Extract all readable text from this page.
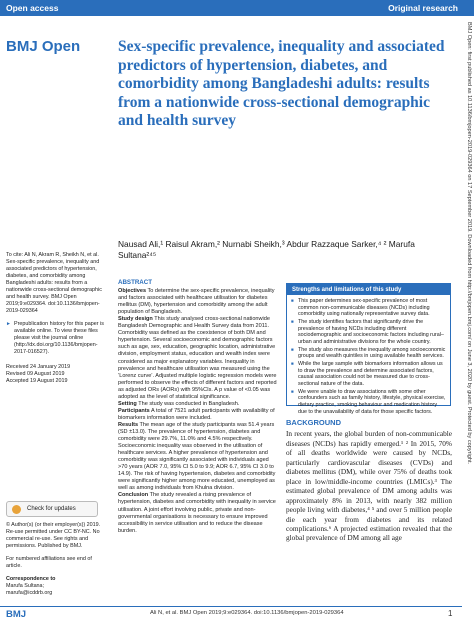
Open access	Original research
BMJ Open: first published as 10.1136/bmjopen-2019-029364 on 17 September 2019. Downloaded from http://bmjopen.bmj.com/ on June 3, 2020 by guest. Protected by copyright.
BMJ Open Sex-specific prevalence, inequality and associated predictors of hypertension, diabetes, and comorbidity among Bangladeshi adults: results from a nationwide cross-sectional demographic and health survey
Nausad Ali,¹ Raisul Akram,² Nurnabi Sheikh,³ Abdur Razzaque Sarker,⁴ ² Marufa Sultana²⁴⁵

To cite: Ali N, Akram R, Sheikh N, et al. Sex-specific prevalence, inequality and associated predictors of hypertension, diabetes, and comorbidity among Bangladeshi adults: results from a nationwide cross-sectional demographic and health survey. BMJ Open 2019;9:e029364. doi:10.1136/bmjopen-2019-029364

► Prepublication history for this paper is available online. To view these files please visit the journal online (http://dx.doi.org/10.1136/bmjopen-2017-016527).

Received 24 January 2019
Revised 09 August 2019
Accepted 19 August 2019

Check for updates

© Author(s) (or their employer(s)) 2019. Re-use permitted under CC BY-NC. No commercial re-use. See rights and permissions. Published by BMJ.

For numbered affiliations see end of article.

Correspondence to
Marufa Sultana;
marufa@icddrb.org

ABSTRACT

Objectives To determine the sex-specific prevalence, inequality and factors associated with healthcare utilisation for diabetes mellitus (DM), hypertension and comorbidity among the adult population of Bangladesh.

Study design This study analysed cross-sectional nationwide Bangladesh Demographic and Health Survey data from 2011. Comorbidity was defined as the coexistence of both DM and hypertension. Several socioeconomic and demographic factors such as age, sex, education, geographic location, administrative division, employment status, education and wealth index were considered as major explanatory variables. Inequality in prevalence and healthcare utilisation was measured using the ‘Lorenz curve’. Adjusted multiple logistic regression models were performed to observe the effects of different factors and reported as adjusted ORs (AORs) with 95%CIs. A p value of <0.05 was adopted as the level of statistical significance.

Setting The study was conducted in Bangladesh.

Participants A total of 7521 adult participants with availability of biomarkers information were included.

Results The mean age of the study participants was 51.4 years (SD ±13.0). The prevalence of hypertension, diabetes and comorbidity were 29.7%, 11.0% and 4.5% respectively. Socioeconomic inequality was observed in the utilisation of healthcare services. A higher prevalence of hypertension and comorbidity was significantly associated with individuals aged >70 years (AOR 7.0, 95% CI 5.0 to 9.9; AOR 6.7, 95% CI 3.0 to 14.9). The risk of having hypertension, diabetes and comorbidity were significantly higher among more educated, unemployed as well as among individuals from Khulna division.

Conclusion The study revealed a rising prevalence of hypertension, diabetes and comorbidity with inequality in service utilisation. A joint effort involving public, private and non-governmental organisations is necessary to ensure improved accessibility in service utilisation and to reduce the disease burden.

Strengths and limitations of this study
■ This paper determines sex-specific prevalence of most common non-communicable diseases (NCDs) including comorbidity using nationally representative survey data.
■ The study identifies factors that significantly drive the prevalence of having NCDs including different sociodemographic and socioeconomic factors including rural–urban and administrative divisions for the whole country.
■ The study also measures the inequality among socioeconomic groups and wealth quintiles in using available health services.
■ While the large sample with biomarkers information allows us to draw the prevalence and determine associated factors, causal association could not be measured due to cross-sectional nature of the data.
■ We were unable to draw associations with some other confounders such as family history, lifestyle, physical exercise, dietary practice, smoking behaviour and medication history due to the unavailability of data for those specific factors.
BACKGROUND

In recent years, the global burden of non-communicable diseases (NCDs) has rapidly emerged.¹ ² In 2015, 70% of all deaths worldwide were caused by NCDs, particularly cardiovascular diseases (CVDs) and diabetes mellitus (DM), while over 75% of deaths took place in low/middle-income countries (LMICs).³ The estimated global prevalence of DM among adults was approximately 8% in 2013, with nearly 382 million people living with diabetes,⁴ ⁵ and over 5 million people die each year from diabetes and its related complications.⁶ A projected estimation revealed that the global prevalence of DM among all age

BMJ	Ali N, et al. BMJ Open 2019;9:e029364. doi:10.1136/bmjopen-2019-029364	1
